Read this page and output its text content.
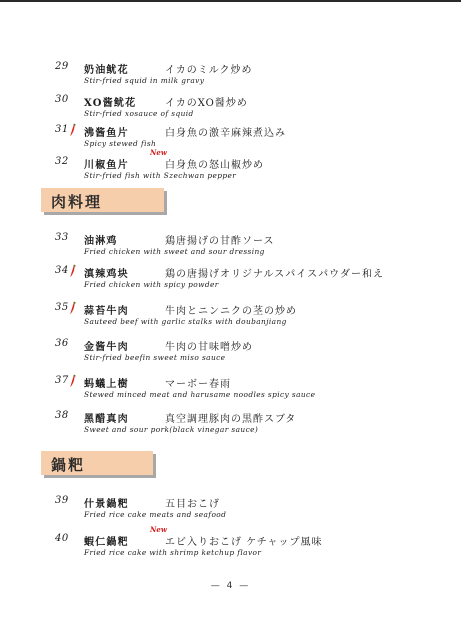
29 奶油鱿花	イカのミルク炒め
Stir-fried squid in milk gravy
30 XO酱鱿花	イカのXO醤炒め
Stir-fried xosauce of squid
31 沸酱鱼片	白身魚の激辛麻辣煮込み
Spicy stewed fish
32 川椒鱼片
New
白身魚の怒山椒炒め
Stir-fried fish with Szechwan pepper
肉料理
33 油淋鸡	鶏唐揚げの甘酢ソース
Fried chicken with sweet and sour dressing
34 滇辣鸡块	鶏の唐揚げオリジナルスパイスパウダー和え
Fried chicken with spicy powder
35 蒜苔牛肉	牛肉とニンニクの茎の炒め
Sauteed beef with garlic stalks with doubanjiang
36 金酱牛肉	牛肉の甘味噌炒め
Stir-fried beefin sweet miso sauce
37 蚂蟻上樹	マーボー春雨
Stewed minced meat and harusame noodles spicy sauce
38 黑醋真肉	真空調理豚肉の黒酢スブタ
Sweet and sour pork(black vinegar sauce)
鍋粑
39 什景鍋粑	五目おこげ
Fried rice cake meats and seafood
40 蝦仁鍋粑
New
エビ入りおこげ ケチャップ風味
Fried rice cake with shrimp ketchup flavor
— 4 —
